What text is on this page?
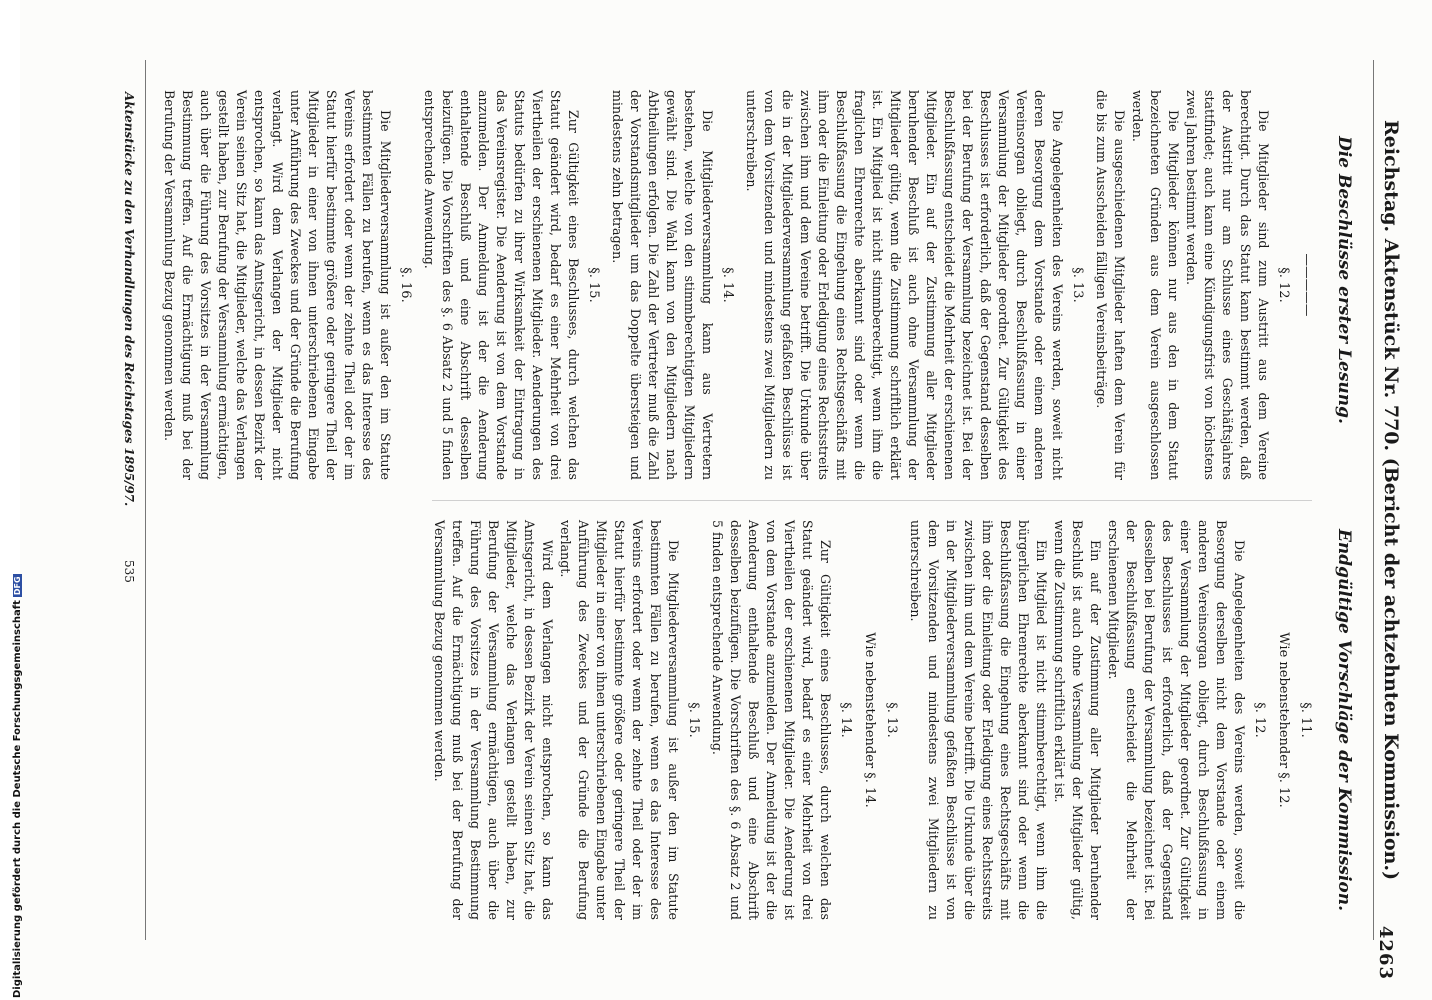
Digitalisierung gefördert durch die Deutsche ForschungsgemeinschaftDFG
4263
Reichstag. Aktenstück Nr. 770. (Bericht der achtzehnten Kommission.)
Die Beschlüsse erster Lesung.
—————
§. 12.

Die Mitglieder sind zum Austritt aus dem Vereine berechtigt. Durch das Statut kann bestimmt werden, daß der Austritt nur am Schlusse eines Geschäftsjahres stattfindet; auch kann eine Kündigungsfrist von höchstens zwei Jahren bestimmt werden.

Die Mitglieder können nur aus den in dem Statut bezeichneten Gründen aus dem Verein ausgeschlossen werden.

Die ausgeschiedenen Mitglieder haften dem Verein für die bis zum Ausscheiden fälligen Vereinsbeiträge.

§. 13.

Die Angelegenheiten des Vereins werden, soweit nicht deren Besorgung dem Vorstande oder einem anderen Vereinsorgan obliegt, durch Beschlußfassung in einer Versammlung der Mitglieder geordnet. Zur Gültigkeit des Beschlusses ist erforderlich, daß der Gegenstand desselben bei der Berufung der Versammlung bezeichnet ist. Bei der Beschlußfassung entscheidet die Mehrheit der erschienenen Mitglieder. Ein auf der Zustimmung aller Mitglieder beruhender Beschluß ist auch ohne Versammlung der Mitglieder gültig, wenn die Zustimmung schriftlich erklärt ist. Ein Mitglied ist nicht stimmberechtigt, wenn ihm die fraglichen Ehrenrechte aberkannt sind oder wenn die Beschlußfassung die Eingehung eines Rechtsgeschäfts mit ihm oder die Einleitung oder Erledigung eines Rechtsstreits zwischen ihm und dem Vereine betrifft. Die Urkunde über die in der Mitgliederversammlung gefaßten Beschlüsse ist von dem Vorsitzenden und mindestens zwei Mitgliedern zu unterschreiben.

§. 14.

Die Mitgliederversammlung kann aus Vertretern bestehen, welche von den stimmberechtigten Mitgliedern gewählt sind. Die Wahl kann von den Mitgliedern nach Abtheilungen erfolgen. Die Zahl der Vertreter muß die Zahl der Vorstandsmitglieder um das Doppelte übersteigen und mindestens zehn betragen.

§. 15.

Zur Gültigkeit eines Beschlusses, durch welchen das Statut geändert wird, bedarf es einer Mehrheit von drei Viertheilen der erschienenen Mitglieder. Aenderungen des Statuts bedürfen zu ihrer Wirksamkeit der Eintragung in das Vereinsregister. Die Aenderung ist von dem Vorstande anzumelden. Der Anmeldung ist der die Aenderung enthaltende Beschluß und eine Abschrift desselben beizufügen. Die Vorschriften des §. 6 Absatz 2 und 5 finden entsprechende Anwendung.

§. 16.

Die Mitgliederversammlung ist außer den im Statute bestimmten Fällen zu berufen, wenn es das Interesse des Vereins erfordert oder wenn der zehnte Theil oder der im Statut hierfür bestimmte größere oder geringere Theil der Mitglieder in einer von ihnen unterschriebenen Eingabe unter Anführung des Zweckes und der Gründe die Berufung verlangt. Wird dem Verlangen der Mitglieder nicht entsprochen, so kann das Amtsgericht, in dessen Bezirk der Verein seinen Sitz hat, die Mitglieder, welche das Verlangen gestellt haben, zur Berufung der Versammlung ermächtigen, auch über die Führung des Vorsitzes in der Versammlung Bestimmung treffen. Auf die Ermächtigung muß bei der Berufung der Versammlung Bezug genommen werden.

Endgültige Vorschläge der Kommission.
§. 11.
Wie nebenstehender §. 12.
§. 12.

Die Angelegenheiten des Vereins werden, soweit die Besorgung derselben nicht dem Vorstande oder einem anderen Vereinsorgan obliegt, durch Beschlußfassung in einer Versammlung der Mitglieder geordnet. Zur Gültigkeit des Beschlusses ist erforderlich, daß der Gegenstand desselben bei Berufung der Versammlung bezeichnet ist. Bei der Beschlußfassung entscheidet die Mehrheit der erschienenen Mitglieder.

Ein auf der Zustimmung aller Mitglieder beruhender Beschluß ist auch ohne Versammlung der Mitglieder gültig, wenn die Zustimmung schriftlich erklärt ist.

Ein Mitglied ist nicht stimmberechtigt, wenn ihm die bürgerlichen Ehrenrechte aberkannt sind oder wenn die Beschlußfassung die Eingehung eines Rechtsgeschäfts mit ihm oder die Einleitung oder Erledigung eines Rechtsstreits zwischen ihm und dem Vereine betrifft. Die Urkunde über die in der Mitgliederversammlung gefaßten Beschlüsse ist von dem Vorsitzenden und mindestens zwei Mitgliedern zu unterschreiben.

§. 13.
Wie nebenstehender §. 14.
§. 14.

Zur Gültigkeit eines Beschlusses, durch welchen das Statut geändert wird, bedarf es einer Mehrheit von drei Viertheilen der erschienenen Mitglieder. Die Aenderung ist von dem Vorstande anzumelden. Der Anmeldung ist der die Aenderung enthaltende Beschluß und eine Abschrift desselben beizufügen. Die Vorschriften des §. 6 Absatz 2 und 5 finden entsprechende Anwendung.

§. 15.

Die Mitgliederversammlung ist außer den im Statute bestimmten Fällen zu berufen, wenn es das Interesse des Vereins erfordert oder wenn der zehnte Theil oder der im Statut hierfür bestimmte größere oder geringere Theil der Mitglieder in einer von ihnen unterschriebenen Eingabe unter Anführung des Zweckes und der Gründe die Berufung verlangt.

Wird dem Verlangen nicht entsprochen, so kann das Amtsgericht, in dessen Bezirk der Verein seinen Sitz hat, die Mitglieder, welche das Verlangen gestellt haben, zur Berufung der Versammlung ermächtigen, auch über die Führung des Vorsitzes in der Versammlung Bestimmung treffen. Auf die Ermächtigung muß bei der Berufung der Versammlung Bezug genommen werden.

Aktenstücke zu den Verhandlungen des Reichstages 1895/97.
535
